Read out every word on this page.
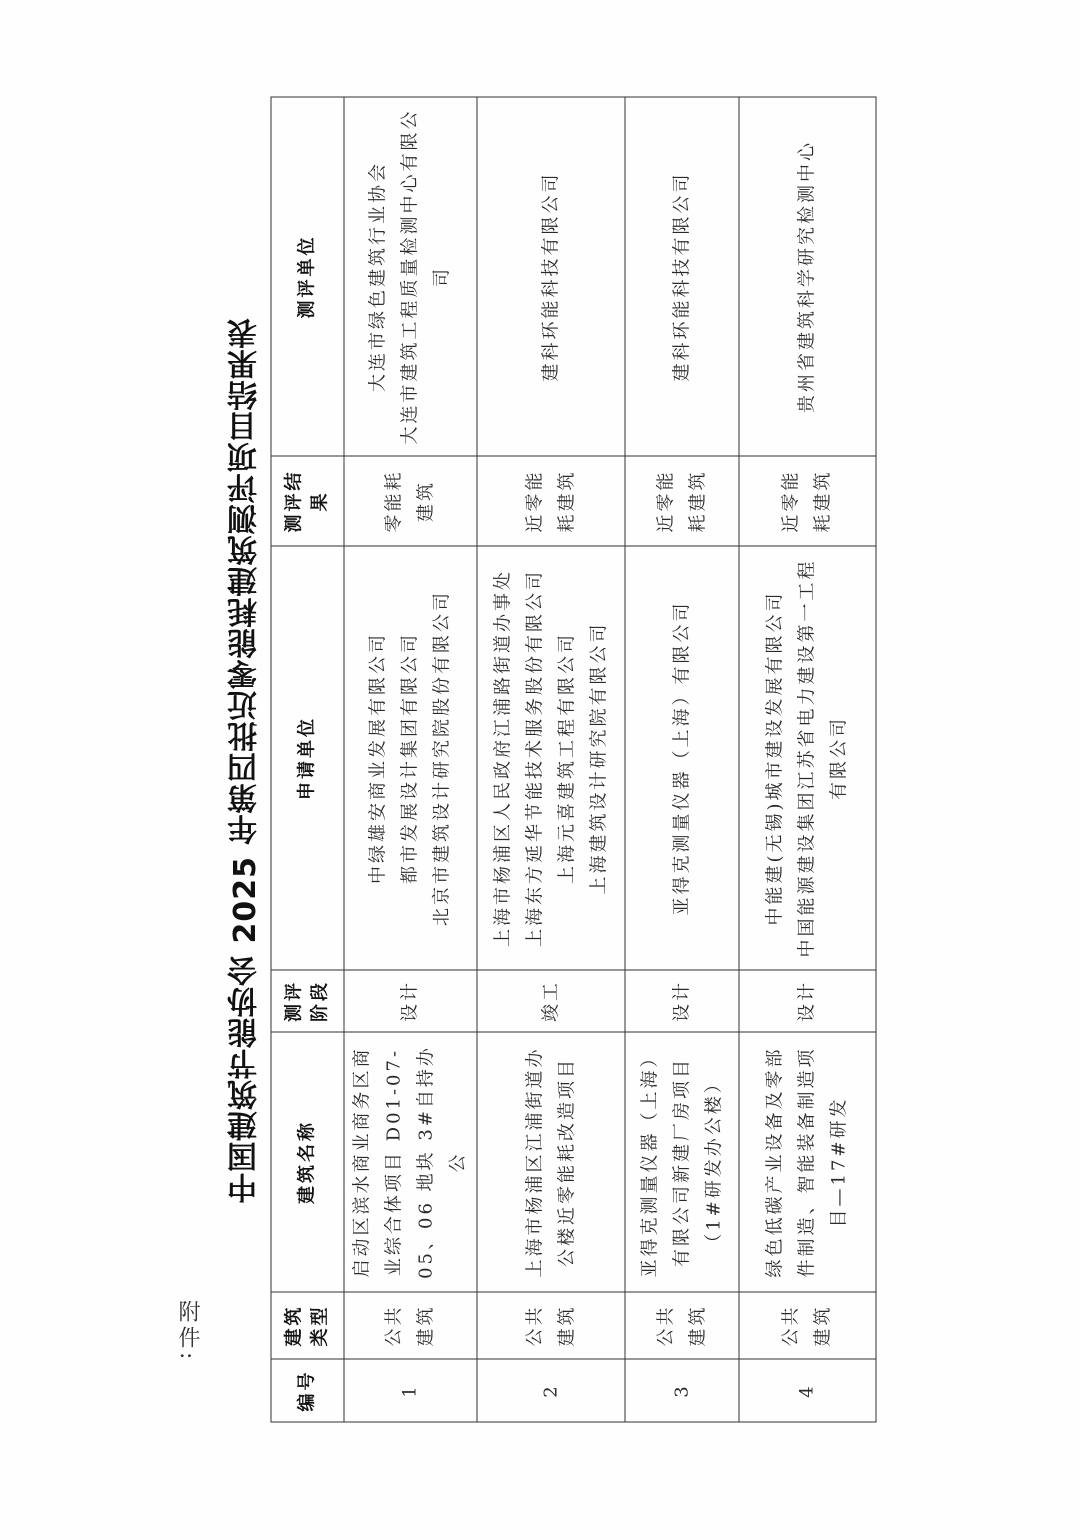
附件:
中国建筑节能协会 2025 年第四批近零能耗建筑测评项目结果表
编号	建筑类型	建筑名称	测评阶段	申请单位	测评结果	测评单位
1	公共建筑	启动区滨水商业商务区商业综合体项目 D01-07-05、06 地块 3#自持办公	设计	中绿雄安商业发展有限公司 都市发展设计集团有限公司 北京市建筑设计研究院股份有限公司	零能耗建筑	大连市绿色建筑行业协会 大连市建筑工程质量检测中心有限公司

2	公共建筑	上海市杨浦区江浦街道办公楼近零能耗改造项目	竣工	上海市杨浦区人民政府江浦路街道办事处 上海东方延华节能技术服务股份有限公司 上海元喜建筑工程有限公司 上海建筑设计研究院有限公司	近零能耗建筑	建科环能科技有限公司

3	公共建筑	亚得克测量仪器（上海）有限公司新建厂房项目（1#研发办公楼）	设计	亚得克测量仪器（上海）有限公司	近零能耗建筑	建科环能科技有限公司

4	公共建筑	绿色低碳产业设备及零部件制造、智能装备制造项目—17#研发	设计	中能建(无锡)城市建设发展有限公司 中国能源建设集团江苏省电力建设第一工程有限公司	近零能耗建筑	贵州省建筑科学研究检测中心
